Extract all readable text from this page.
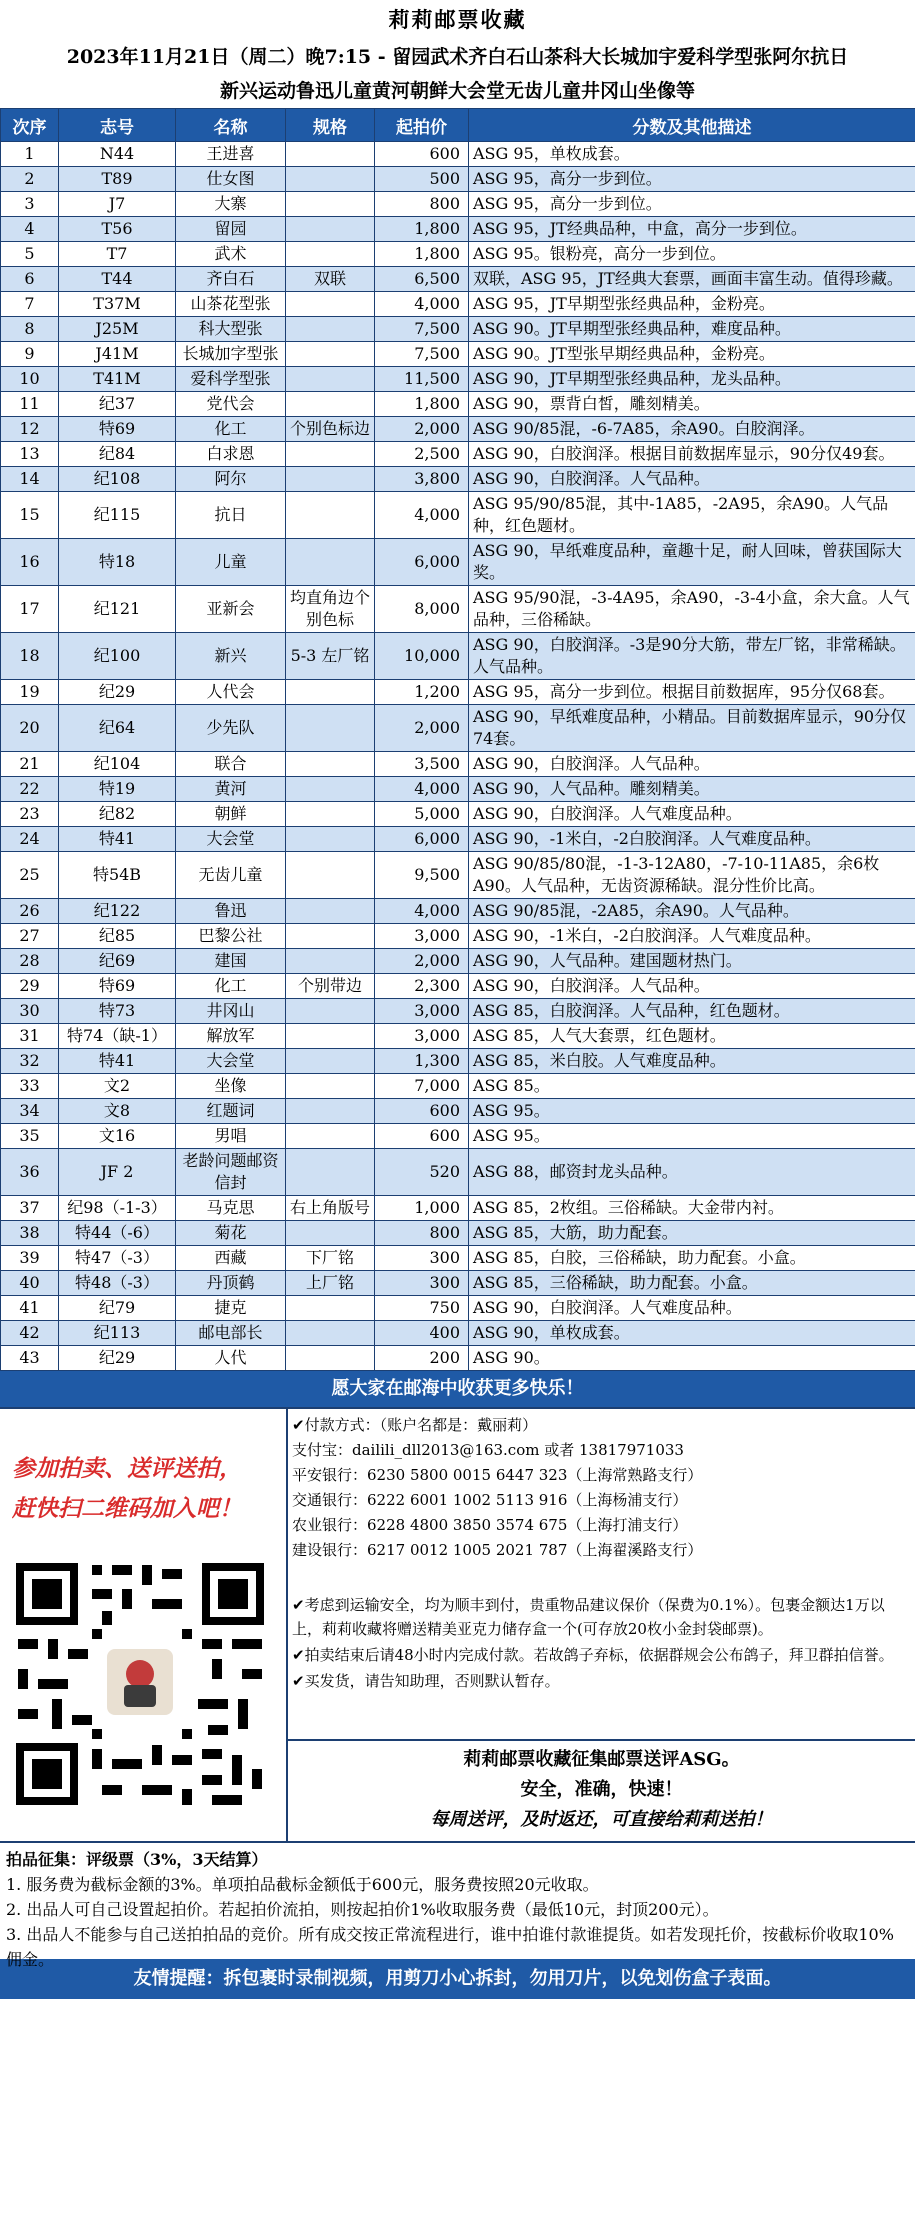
莉莉邮票收藏
2023年11月21日（周二）晚7:15 - 留园武术齐白石山茶科大长城加宇爱科学型张阿尔抗日
新兴运动鲁迅儿童黄河朝鲜大会堂无齿儿童井冈山坐像等
次序	志号	名称	规格	起拍价	分数及其他描述
1	N44	王进喜		600	ASG 95，单枚成套。
2	T89	仕女图		500	ASG 95，高分一步到位。
3	J7	大寨		800	ASG 95，高分一步到位。
4	T56	留园		1,800	ASG 95，JT经典品种，中盒，高分一步到位。
5	T7	武术		1,800	ASG 95。银粉亮，高分一步到位。
6	T44	齐白石	双联	6,500	双联，ASG 95，JT经典大套票，画面丰富生动。值得珍藏。
7	T37M	山茶花型张		4,000	ASG 95，JT早期型张经典品种，金粉亮。
8	J25M	科大型张		7,500	ASG 90。JT早期型张经典品种，难度品种。
9	J41M	长城加字型张		7,500	ASG 90。JT型张早期经典品种，金粉亮。
10	T41M	爱科学型张		11,500	ASG 90，JT早期型张经典品种，龙头品种。
11	纪37	党代会		1,800	ASG 90，票背白皙，雕刻精美。
12	特69	化工	个别色标边	2,000	ASG 90/85混，-6-7A85，余A90。白胶润泽。
13	纪84	白求恩		2,500	ASG 90，白胶润泽。根据目前数据库显示，90分仅49套。
14	纪108	阿尔		3,800	ASG 90，白胶润泽。人气品种。
15	纪115	抗日		4,000	ASG 95/90/85混，其中-1A85，-2A95，余A90。人气品种，红色题材。
16	特18	儿童		6,000	ASG 90，早纸难度品种，童趣十足，耐人回味，曾获国际大奖。
17	纪121	亚新会	均直角边个别色标	8,000	ASG 95/90混，-3-4A95，余A90，-3-4小盒，余大盒。人气品种，三俗稀缺。
18	纪100	新兴	5-3 左厂铭	10,000	ASG 90，白胶润泽。-3是90分大筋，带左厂铭，非常稀缺。人气品种。
19	纪29	人代会		1,200	ASG 95，高分一步到位。根据目前数据库，95分仅68套。
20	纪64	少先队		2,000	ASG 90，早纸难度品种，小精品。目前数据库显示，90分仅74套。
21	纪104	联合		3,500	ASG 90，白胶润泽。人气品种。
22	特19	黄河		4,000	ASG 90，人气品种。雕刻精美。
23	纪82	朝鲜		5,000	ASG 90，白胶润泽。人气难度品种。
24	特41	大会堂		6,000	ASG 90，-1米白，-2白胶润泽。人气难度品种。
25	特54B	无齿儿童		9,500	ASG 90/85/80混，-1-3-12A80，-7-10-11A85，余6枚A90。人气品种，无齿资源稀缺。混分性价比高。
26	纪122	鲁迅		4,000	ASG 90/85混，-2A85，余A90。人气品种。
27	纪85	巴黎公社		3,000	ASG 90，-1米白，-2白胶润泽。人气难度品种。
28	纪69	建国		2,000	ASG 90，人气品种。建国题材热门。
29	特69	化工	个别带边	2,300	ASG 90，白胶润泽。人气品种。
30	特73	井冈山		3,000	ASG 85，白胶润泽。人气品种，红色题材。
31	特74（缺-1）	解放军		3,000	ASG 85，人气大套票，红色题材。
32	特41	大会堂		1,300	ASG 85，米白胶。人气难度品种。
33	文2	坐像		7,000	ASG 85。
34	文8	红题词		600	ASG 95。
35	文16	男唱		600	ASG 95。
36	JF 2	老龄问题邮资信封		520	ASG 88，邮资封龙头品种。
37	纪98（-1-3）	马克思	右上角版号	1,000	ASG 85，2枚组。三俗稀缺。大金带内衬。
38	特44（-6）	菊花		800	ASG 85，大筋，助力配套。
39	特47（-3）	西藏	下厂铭	300	ASG 85，白胶，三俗稀缺，助力配套。小盒。
40	特48（-3）	丹顶鹤	上厂铭	300	ASG 85，三俗稀缺，助力配套。小盒。
41	纪79	捷克		750	ASG 90，白胶润泽。人气难度品种。
42	纪113	邮电部长		400	ASG 90，单枚成套。
43	纪29	人代		200	ASG 90。
愿大家在邮海中收获更多快乐！
参加拍卖、送评送拍，
赶快扫二维码加入吧！
✔付款方式：（账户名都是：戴丽莉）
支付宝：dailili_dll2013@163.com 或者 13817971033
平安银行：6230 5800 0015 6447 323（上海常熟路支行）
交通银行：6222 6001 1002 5113 916（上海杨浦支行）
农业银行：6228 4800 3850 3574 675（上海打浦支行）
建设银行：6217 0012 1005 2021 787（上海翟溪路支行）

✔考虑到运输安全，均为顺丰到付，贵重物品建议保价（保费为0.1%）。包裹金额达1万以上，莉莉收藏将赠送精美亚克力储存盒一个(可存放20枚小金封袋邮票)。

✔拍卖结束后请48小时内完成付款。若故鸽子弃标，依据群规会公布鸽子，拜卫群拍信誉。

✔买发货，请告知助理，否则默认暂存。

莉莉邮票收藏征集邮票送评ASG。
安全，准确，快速！
每周送评，及时返还，可直接给莉莉送拍！

拍品征集：评级票（3%，3天结算）

1. 服务费为截标金额的3%。单项拍品截标金额低于600元，服务费按照20元收取。

2. 出品人可自己设置起拍价。若起拍价流拍，则按起拍价1%收取服务费（最低10元，封顶200元）。

3. 出品人不能参与自己送拍拍品的竞价。所有成交按正常流程进行，谁中拍谁付款谁提货。如若发现托价，按截标价收取10%佣金。

友情提醒：拆包裹时录制视频，用剪刀小心拆封，勿用刀片，以免划伤盒子表面。
